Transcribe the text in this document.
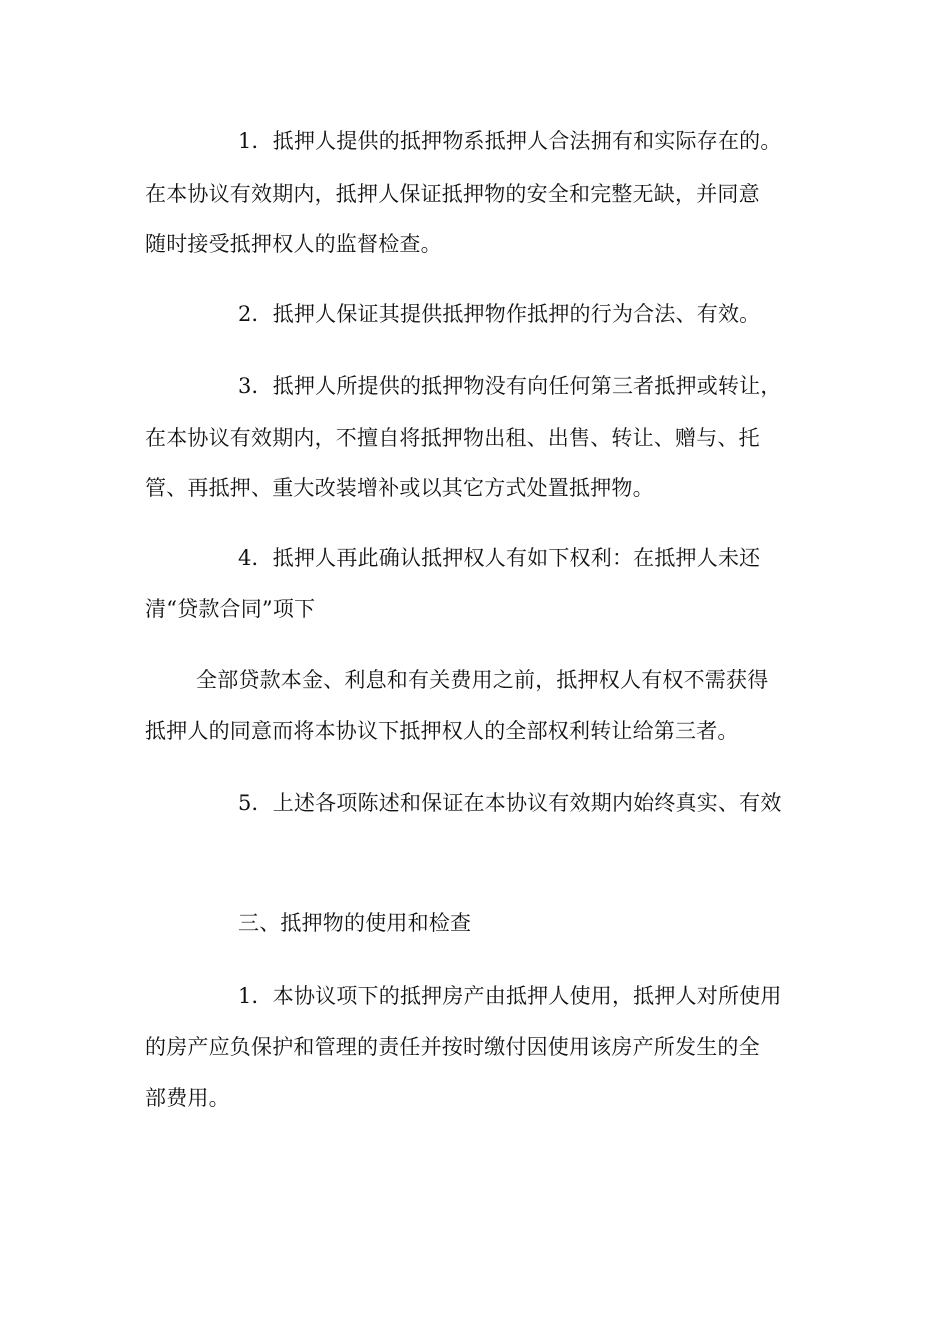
1．抵押人提供的抵押物系抵押人合法拥有和实际存在的。
在本协议有效期内，抵押人保证抵押物的安全和完整无缺，并同意
随时接受抵押权人的监督检查。
2．抵押人保证其提供抵押物作抵押的行为合法、有效。
3．抵押人所提供的抵押物没有向任何第三者抵押或转让，
在本协议有效期内，不擅自将抵押物出租、出售、转让、赠与、托
管、再抵押、重大改装增补或以其它方式处置抵押物。
4．抵押人再此确认抵押权人有如下权利：在抵押人未还
清“贷款合同”项下
全部贷款本金、利息和有关费用之前，抵押权人有权不需获得
抵押人的同意而将本协议下抵押权人的全部权利转让给第三者。
5．上述各项陈述和保证在本协议有效期内始终真实、有效
三、抵押物的使用和检查
1．本协议项下的抵押房产由抵押人使用，抵押人对所使用
的房产应负保护和管理的责任并按时缴付因使用该房产所发生的全
部费用。
